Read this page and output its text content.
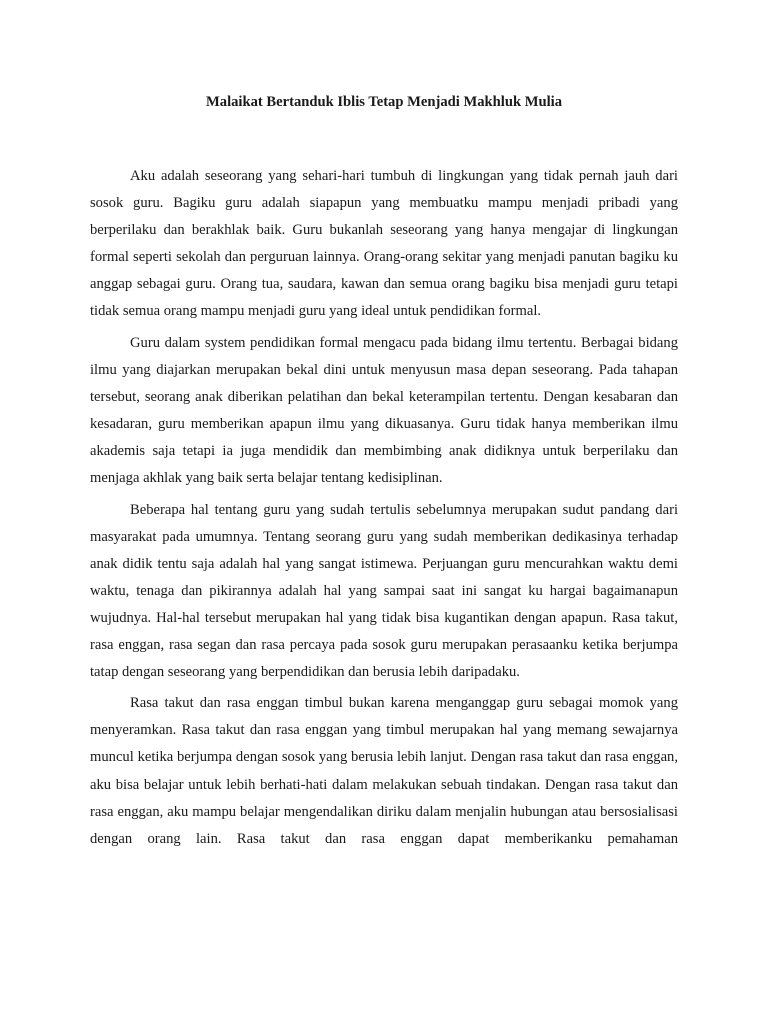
Malaikat Bertanduk Iblis Tetap Menjadi Makhluk Mulia

Aku adalah seseorang yang sehari-hari tumbuh di lingkungan yang tidak pernah jauh dari sosok guru. Bagiku guru adalah siapapun yang membuatku mampu menjadi pribadi yang berperilaku dan berakhlak baik. Guru bukanlah seseorang yang hanya mengajar di lingkungan formal seperti sekolah dan perguruan lainnya. Orang-orang sekitar yang menjadi panutan bagiku ku anggap sebagai guru. Orang tua, saudara, kawan dan semua orang bagiku bisa menjadi guru tetapi tidak semua orang mampu menjadi guru yang ideal untuk pendidikan formal.

Guru dalam system pendidikan formal mengacu pada bidang ilmu tertentu. Berbagai bidang ilmu yang diajarkan merupakan bekal dini untuk menyusun masa depan seseorang. Pada tahapan tersebut, seorang anak diberikan pelatihan dan bekal keterampilan tertentu. Dengan kesabaran dan kesadaran, guru memberikan apapun ilmu yang dikuasanya. Guru tidak hanya memberikan ilmu akademis saja tetapi ia juga mendidik dan membimbing anak didiknya untuk berperilaku dan menjaga akhlak yang baik serta belajar tentang kedisiplinan.

Beberapa hal tentang guru yang sudah tertulis sebelumnya merupakan sudut pandang dari masyarakat pada umumnya. Tentang seorang guru yang sudah memberikan dedikasinya terhadap anak didik tentu saja adalah hal yang sangat istimewa. Perjuangan guru mencurahkan waktu demi waktu, tenaga dan pikirannya adalah hal yang sampai saat ini sangat ku hargai bagaimanapun wujudnya. Hal-hal tersebut merupakan hal yang tidak bisa kugantikan dengan apapun. Rasa takut, rasa enggan, rasa segan dan rasa percaya pada sosok guru merupakan perasaanku ketika berjumpa tatap dengan seseorang yang berpendidikan dan berusia lebih daripadaku.

Rasa takut dan rasa enggan timbul bukan karena menganggap guru sebagai momok yang menyeramkan. Rasa takut dan rasa enggan yang timbul merupakan hal yang memang sewajarnya muncul ketika berjumpa dengan sosok yang berusia lebih lanjut. Dengan rasa takut dan rasa enggan, aku bisa belajar untuk lebih berhati-hati dalam melakukan sebuah tindakan. Dengan rasa takut dan rasa enggan, aku mampu belajar mengendalikan diriku dalam menjalin hubungan atau bersosialisasi dengan orang lain. Rasa takut dan rasa enggan dapat memberikanku pemahaman
